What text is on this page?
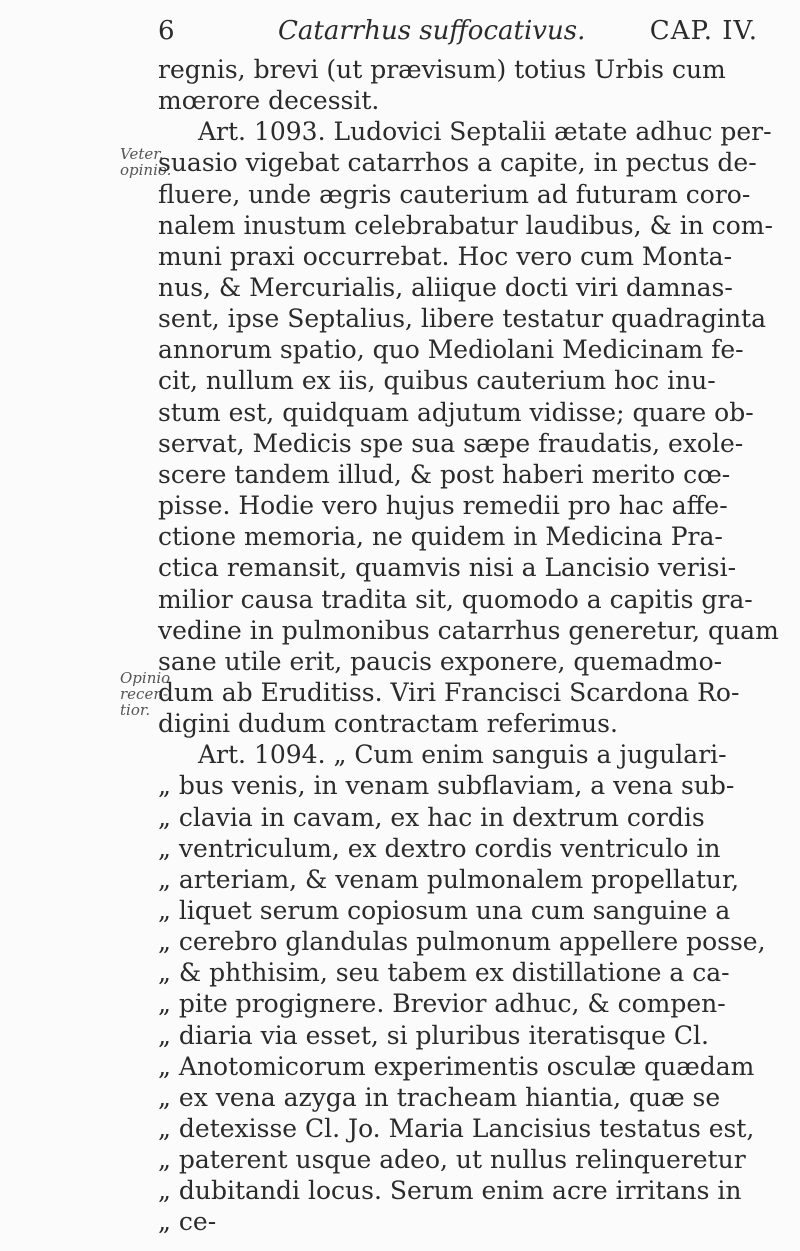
6	Catarrhus suffocativus. CAP. IV.
Veter.
opinio.
Opinio
recen-
tior.
regnis, brevi (ut prævisum) totius Urbis cum
mœrore decessit.
Art. 1093. Ludovici Septalii ætate adhuc per-
suasio vigebat catarrhos a capite, in pectus de-
fluere, unde ægris cauterium ad futuram coro-
nalem inustum celebrabatur laudibus, & in com-
muni praxi occurrebat. Hoc vero cum Monta-
nus, & Mercurialis, aliique docti viri damnas-
sent, ipse Septalius, libere testatur quadraginta
annorum spatio, quo Mediolani Medicinam fe-
cit, nullum ex iis, quibus cauterium hoc inu-
stum est, quidquam adjutum vidisse; quare ob-
servat, Medicis spe sua sæpe fraudatis, exole-
scere tandem illud, & post haberi merito cœ-
pisse. Hodie vero hujus remedii pro hac affe-
ctione memoria, ne quidem in Medicina Pra-
ctica remansit, quamvis nisi a Lancisio verisi-
milior causa tradita sit, quomodo a capitis gra-
vedine in pulmonibus catarrhus generetur, quam
sane utile erit, paucis exponere, quemadmo-
dum ab Eruditiss. Viri Francisci Scardona Ro-
digini dudum contractam referimus.
Art. 1094. „ Cum enim sanguis a jugulari-
„ bus venis, in venam subflaviam, a vena sub-
„ clavia in cavam, ex hac in dextrum cordis
„ ventriculum, ex dextro cordis ventriculo in
„ arteriam, & venam pulmonalem propellatur,
„ liquet serum copiosum una cum sanguine a
„ cerebro glandulas pulmonum appellere posse,
„ & phthisim, seu tabem ex distillatione a ca-
„ pite progignere. Brevior adhuc, & compen-
„ diaria via esset, si pluribus iteratisque Cl.
„ Anotomicorum experimentis osculæ quædam
„ ex vena azyga in tracheam hiantia, quæ se
„ detexisse Cl. Jo. Maria Lancisius testatus est,
„ paterent usque adeo, ut nullus relinqueretur
„ dubitandi locus. Serum enim acre irritans in
„ ce-
